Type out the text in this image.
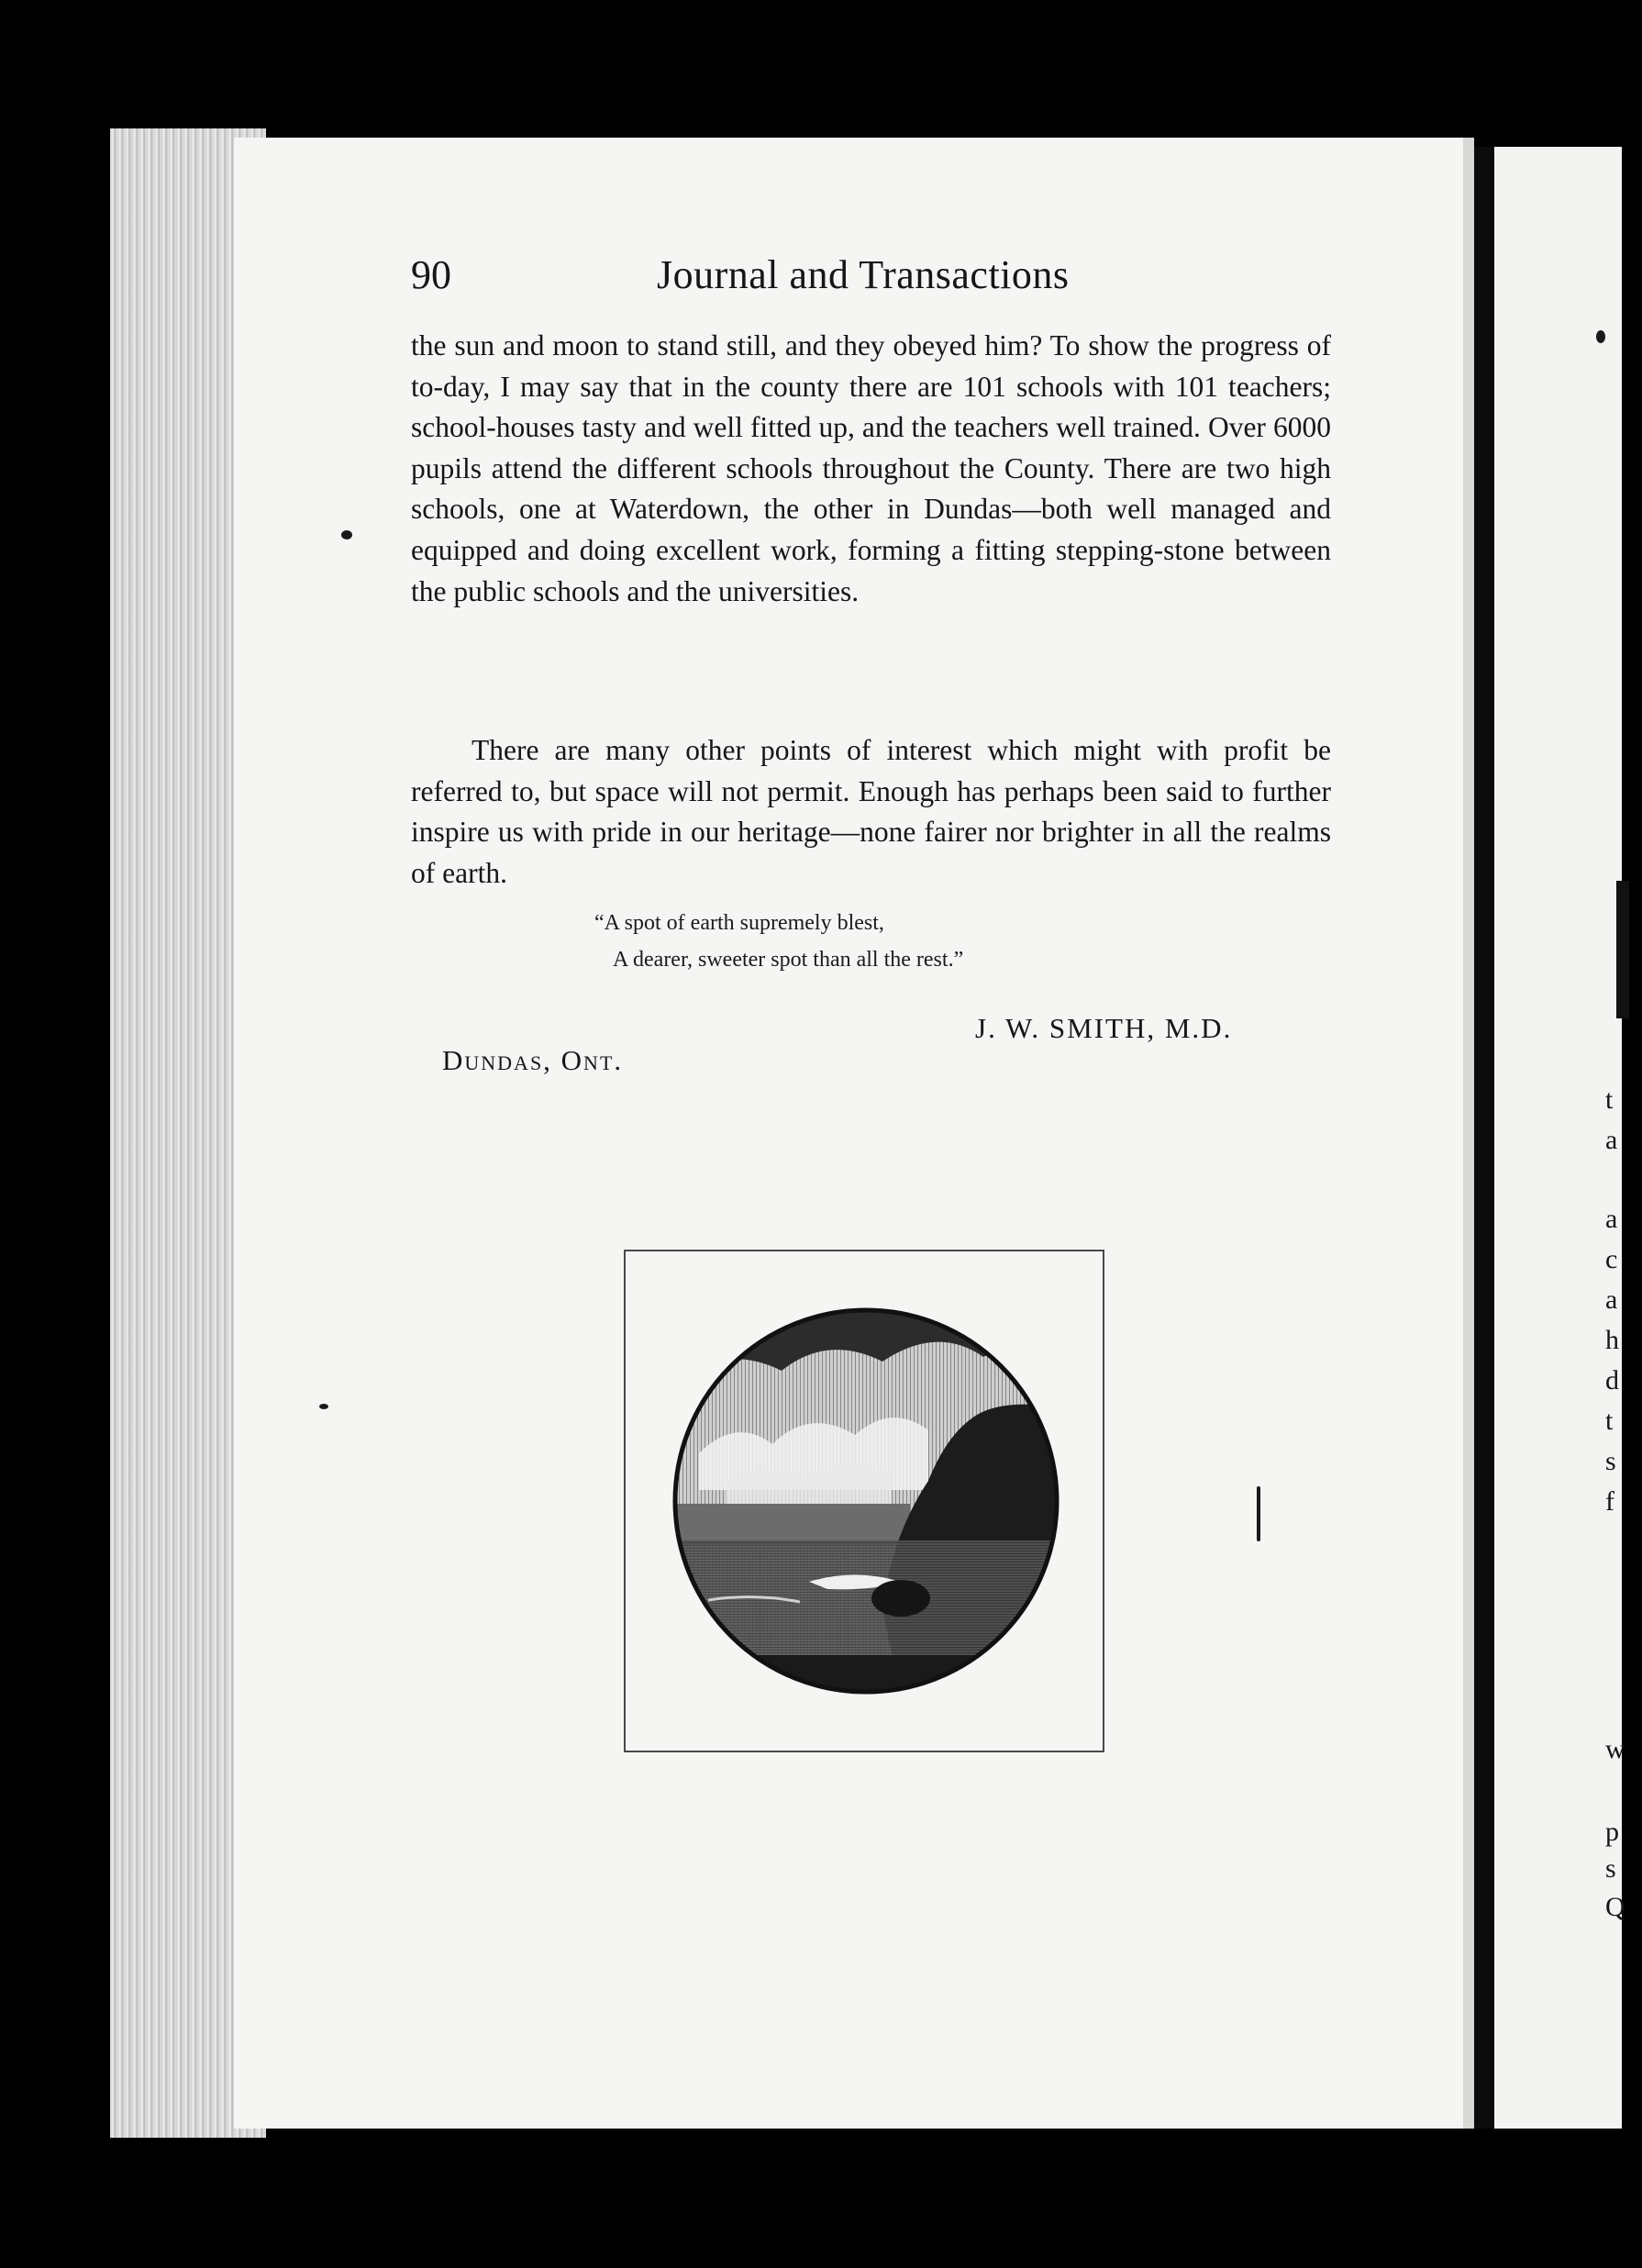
90	Journal and Transactions
the sun and moon to stand still, and they obeyed him? To show the progress of to-day, I may say that in the county there are 101 schools with 101 teachers; school-houses tasty and well fitted up, and the teachers well trained. Over 6000 pupils attend the different schools throughout the County. There are two high schools, one at Waterdown, the other in Dundas—both well managed and equipped and doing excellent work, forming a fitting stepping-stone between the public schools and the universities.
There are many other points of interest which might with profit be referred to, but space will not permit. Enough has perhaps been said to further inspire us with pride in our heritage—none fairer nor brighter in all the realms of earth.
“A spot of earth supremely blest,
A dearer, sweeter spot than all the rest.”
J. W. SMITH, M.D.
Dundas, Ont.
t
a
a
c
a
h
d
t
s
f
w
p
s
Q
